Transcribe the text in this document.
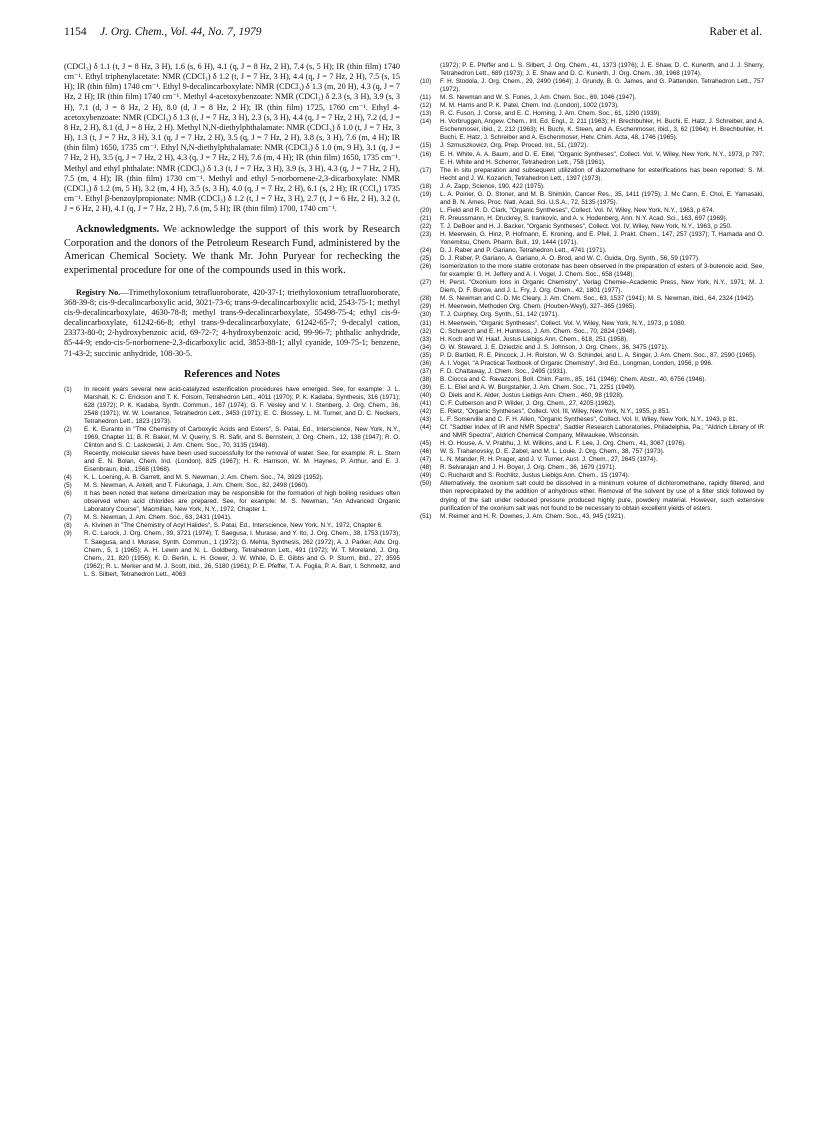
1154 J. Org. Chem., Vol. 44, No. 7, 1979	Raber et al.

(CDCl₃) δ 1.1 (t, J = 8 Hz, 3 H), 1.6 (s, 6 H), 4.1 (q, J = 8 Hz, 2 H), 7.4 (s, 5 H); IR (thin film) 1740 cm⁻¹. Ethyl triphenylacetate: NMR (CDCl₃) δ 1.2 (t, J = 7 Hz, 3 H), 4.4 (q, J = 7 Hz, 2 H), 7.5 (s, 15 H); IR (thin film) 1740 cm⁻¹. Ethyl 9-decalincarboxylate: NMR (CDCl₃) δ 1.3 (m, 20 H), 4.3 (q, J = 7 Hz, 2 H); IR (thin film) 1740 cm⁻¹. Methyl 4-acetoxybenzoate: NMR (CDCl₃) δ 2.3 (s, 3 H), 3.9 (s, 3 H), 7.1 (d, J = 8 Hz, 2 H), 8.0 (d, J = 8 Hz, 2 H); IR (thin film) 1725, 1760 cm⁻¹. Ethyl 4-acetoxybenzoate: NMR (CDCl₃) δ 1.3 (t, J = 7 Hz, 3 H), 2.3 (s, 3 H), 4.4 (q, J = 7 Hz, 2 H), 7.2 (d, J = 8 Hz, 2 H), 8.1 (d, J = 8 Hz, 2 H). Methyl N,N-diethylphthalamate: NMR (CDCl₃) δ 1.0 (t, J = 7 Hz, 3 H), 1.3 (t, J = 7 Hz, 3 H), 3.1 (q, J = 7 Hz, 2 H), 3.5 (q, J = 7 Hz, 2 H), 3.8 (s, 3 H), 7.6 (m, 4 H); IR (thin film) 1650, 1735 cm⁻¹. Ethyl N,N-diethylphthalamate: NMR (CDCl₃) δ 1.0 (m, 9 H), 3.1 (q, J = 7 Hz, 2 H), 3.5 (q, J = 7 Hz, 2 H), 4.3 (q, J = 7 Hz, 2 H), 7.6 (m, 4 H); IR (thin film) 1650, 1735 cm⁻¹. Methyl and ethyl phthalate: NMR (CDCl₃) δ 1.3 (t, J = 7 Hz, 3 H), 3.9 (s, 3 H), 4.3 (q, J = 7 Hz, 2 H), 7.5 (m, 4 H); IR (thin film) 1730 cm⁻¹. Methyl and ethyl 5-norbornene-2,3-dicarboxylate: NMR (CDCl₃) δ 1.2 (m, 5 H), 3.2 (m, 4 H), 3.5 (s, 3 H), 4.0 (q, J = 7 Hz, 2 H), 6.1 (s, 2 H); IR (CCl₄) 1735 cm⁻¹. Ethyl β-benzoylpropionate: NMR (CDCl₃) δ 1.2 (t, J = 7 Hz, 3 H), 2.7 (t, J = 6 Hz, 2 H), 3.2 (t, J = 6 Hz, 2 H), 4.1 (q, J = 7 Hz, 2 H), 7.6 (m, 5 H); IR (thin film) 1700, 1740 cm⁻¹.

Acknowledgments. We acknowledge the support of this work by Research Corporation and the donors of the Petroleum Research Fund, administered by the American Chemical Society. We thank Mr. John Puryear for rechecking the experimental procedure for one of the compounds used in this work.

Registry No.—Trimethyloxonium tetrafluoroborate, 420-37-1; triethyloxonium tetrafluoroborate, 368-39-8; cis-9-decalincarboxylic acid, 3021-73-6; trans-9-decalincarboxylic acid, 2543-75-1; methyl cis-9-decalincarboxylate, 4630-78-8; methyl trans-9-decalincarboxylate, 55498-75-4; ethyl cis-9-decalincarboxylate, 61242-66-8; ethyl trans-9-decalincarboxylate, 61242-65-7; 9-decalyl cation, 23373-80-0; 2-hydroxybenzoic acid, 69-72-7; 4-hydroxybenzoic acid, 99-96-7; phthalic anhydride, 85-44-9; endo-cis-5-norbornene-2,3-dicarboxylic acid, 3853-88-1; allyl cyanide, 109-75-1; benzene, 71-43-2; succinic anhydride, 108-30-5.

References and Notes
(1)	In recent years several new acid-catalyzed esterification procedures have emerged. See, for example: J. L. Marshall, K. C. Erickson and T. K. Folsom, Tetrahedron Lett., 4011 (1970); P. K. Kadaba, Synthesis, 316 (1971); 628 (1972); P. K. Kadaba, Synth. Commun., 167 (1974); G. F. Vesley and V. I. Stenberg, J. Org. Chem., 36, 2548 (1971); W. W. Lowrance, Tetrahedron Lett., 3453 (1971); E. C. Blossey, L. M. Turner, and D. C. Neckers, Tetrahedron Lett., 1823 (1973).
(2)	E. K. Euranto in "The Chemistry of Carboxylic Acids and Esters", S. Patai, Ed., Interscience, New York, N.Y., 1969, Chapter 11; B. R. Baker, M. V. Querry, S. R. Safir, and S. Bernstein, J. Org. Chem., 12, 138 (1947); R. O. Clinton and S. C. Laskowski, J. Am. Chem. Soc., 70, 3135 (1948).
(3)	Recently, molecular sieves have been used successfully for the removal of water. See, for example: R. L. Stern and E. N. Bolan, Chem. Ind. (London), 825 (1967); H. R. Harrison, W. M. Haynes, P. Arthur, and E. J. Eisenbraun, ibid., 1568 (1968).
(4)	K. L. Loening, A. B. Garrett, and M. S. Newman, J. Am. Chem. Soc., 74, 3929 (1952).
(5)	M. S. Newman, A. Arkell, and T. Fukunaga, J. Am. Chem. Soc., 82, 2498 (1960).
(6)	It has been noted that ketene dimerization may be responsible for the formation of high boiling residues often observed when acid chlorides are prepared. See, for example: M. S. Newman, "An Advanced Organic Laboratory Course", Macmillan, New York, N.Y., 1972, Chapter 1.
(7)	M. S. Newman, J. Am. Chem. Soc., 63, 2431 (1941).
(8)	A. Kivinen in "The Chemistry of Acyl Halides", S. Patai, Ed., Interscience, New York, N.Y., 1972, Chapter 6.
(9)	R. C. Larock, J. Org. Chem., 39, 3721 (1974); T. Saegusa, I. Murase, and Y. Ito, J. Org. Chem., 38, 1753 (1973); T. Saegusa, and I. Murase, Synth. Commun., 1 (1972); G. Mehta, Synthesis, 262 (1972); A. J. Parker, Adv. Org. Chem., 5, 1 (1965); A. H. Lewin and N. L. Goldberg, Tetrahedron Lett., 491 (1972); W. T. Moreland, J. Org. Chem., 21, 820 (1956); K. D. Berlin, L. H. Gower, J. W. White, D. E. Gibbs and G. P. Sturm, ibid., 27, 3595 (1962); R. L. Merker and M. J. Scott, ibid., 26, 5180 (1961); P. E. Pfeffer, T. A. Foglia, P. A. Barr, I. Schmeltz, and L. S. Silbert, Tetrahedron Lett., 4063
(1972); P. E. Pfeffer and L. S. Silbert, J. Org. Chem., 41, 1373 (1976); J. E. Shaw, D. C. Kunerth, and J. J. Sherry, Tetrahedron Lett., 689 (1973); J. E. Shaw and D. C. Kunerth, J. Org. Chem., 39, 1968 (1974).
(10)	F. H. Stodola, J. Org. Chem., 29, 2490 (1964); J. Grundy, B. G. James, and G. Pattenden, Tetrahedron Lett., 757 (1972).
(11)	M. S. Newman and W. S. Fones, J. Am. Chem. Soc., 69, 1046 (1947).
(12)	M. M. Harris and P. K. Patel, Chem. Ind. (London), 1002 (1973).
(13)	R. C. Fuson, J. Corse, and E. C. Horning, J. Am. Chem. Soc., 61, 1290 (1939).
(14)	H. Vorbruggen, Angew. Chem., Int. Ed. Engl., 2, 211 (1963); H. Brechbuhler, H. Buchi, E. Hatz, J. Schreiber, and A. Eschenmoser, ibid., 2, 212 (1963); H. Buchi, K. Steen, and A. Eschenmoser, ibid., 3, 62 (1964); H. Brechbuhler, H. Buchi, E. Hatz, J. Schreiber and A. Eschenmoser, Helv. Chim. Acta, 48, 1746 (1965).
(15)	J. Szmuszkovicz, Org. Prep. Proced. Int., 51, (1972).
(16)	E. H. White, A. A. Baum, and D. E. Eitel, "Organic Syntheses", Collect. Vol. V, Wiley, New York, N.Y., 1973, p 797; E. H. White and H. Scherrer, Tetrahedron Lett., 758 (1961).
(17)	The in situ preparation and subsequent utilization of diazomethane for esterifications has been reported: S. M. Hecht and J. W. Kozarich, Tetrahedron Lett., 1397 (1973).
(18)	J. A. Zapp, Science, 190, 422 (1975).
(19)	L. A. Poirier, G. D. Stoner, and M. B. Shimkin, Cancer Res., 35, 1411 (1975); J. Mc Cann, E. Choi, E. Yamasaki, and B. N. Ames, Proc. Natl. Acad. Sci. U.S.A., 72, 5135 (1975).
(20)	L. Field and R. D. Clark, "Organic Syntheses", Collect. Vol. IV, Wiley, New York, N.Y., 1963, p 674.
(21)	R. Preussmann, H. Druckrey, S. Irankovic, and A. v. Hodenberg, Ann. N.Y. Acad. Sci., 163, 697 (1969).
(22)	T. J. DeBoer and H. J. Backer, "Organic Syntheses", Collect. Vol. IV, Wiley, New York, N.Y., 1963, p 250.
(23)	H. Meerwein, G. Hinz, P. Hofmann, E. Kroning, and E. Pfeil, J. Prakt. Chem., 147, 257 (1937); T. Hamada and O. Yonemitsu, Chem. Pharm. Bull., 19, 1444 (1971).
(24)	D. J. Raber and P. Gariano, Tetrahedron Lett., 4741 (1971).
(25)	D. J. Raber, P. Gariano, A. Gariano, A. O. Brod, and W. C. Guida, Org. Synth., 56, 59 (1977).
(26)	Isomerization to the more stable crotonate has been observed in the preparation of esters of 3-butenoic acid. See, for example: G. H. Jeffery and A. I. Vogel, J. Chem. Soc., 658 (1948).
(27)	H. Perst, "Oxonium Ions in Organic Chemistry", Verlag Chemie–Academic Press, New York, N.Y., 1971; M. J. Diem, D. F. Burow, and J. L. Fry, J. Org. Chem., 42, 1801 (1977).
(28)	M. S. Newman and C. D. Mc Cleary, J. Am. Chem. Soc., 63, 1537 (1941); M. S. Newman, ibid., 64, 2324 (1942).
(29)	H. Meerwein, Methoden Org. Chem. (Houben-Weyl), 327–365 (1965).
(30)	T. J. Curphey, Org. Synth., 51, 142 (1971).
(31)	H. Meerwein, "Organic Syntheses", Collect. Vol. V, Wiley, New York, N.Y., 1973, p 1080.
(32)	C. Schuerch and E. H. Huntress, J. Am. Chem. Soc., 70, 2824 (1948).
(33)	H. Koch and W. Haaf, Justus Liebigs Ann. Chem., 618, 251 (1958).
(34)	O. W. Steward, J. E. Dziedzic and J. S. Johnson, J. Org. Chem., 36, 3475 (1971).
(35)	P. D. Bartlett, R. E. Pincock, J. H. Rolston, W. G. Schindel, and L. A. Singer, J. Am. Chem. Soc., 87, 2590 (1965).
(36)	A. I. Vogel, "A Practical Textbook of Organic Chemistry", 3rd Ed., Longman, London, 1956, p 996.
(37)	F. D. Chattaway, J. Chem. Soc., 2495 (1931).
(38)	B. Ciocca and C. Ravazzoni, Boll. Chim. Farm., 85, 161 (1946); Chem. Abstr., 40, 6756 (1946).
(39)	E. L. Eliel and A. W. Burgstahler, J. Am. Chem. Soc., 71, 2251 (1949).
(40)	O. Diels and K. Alder, Justus Liebigs Ann. Chem., 460, 98 (1928).
(41)	C. F. Culberson and P. Wilder, J. Org. Chem., 27, 4205 (1962).
(42)	E. Rietz, "Organic Syntheses", Collect. Vol. III, Wiley, New York, N.Y., 1955, p 851.
(43)	L. F. Somerville and C. F. H. Allen, "Organic Syntheses", Collect. Vol. II, Wiley, New York, N.Y., 1943, p 81.
(44)	Cf. "Sadtler Index of IR and NMR Spectra", Sadtler Research Laboratories, Philadelphia, Pa.; "Aldrich Library of IR and NMR Spectra", Aldrich Chemical Company, Milwaukee, Wisconsin.
(45)	H. O. House, A. V. Prabhu, J. M. Wilkins, and L. F. Lee, J. Org. Chem., 41, 3067 (1976).
(46)	W. S. Trahanovsky, D. E. Zabel, and M. L. Louie, J. Org. Chem., 38, 757 (1973).
(47)	L. N. Mander, R. H. Prager, and J. V. Turner, Aust. J. Chem., 27, 2645 (1974).
(48)	R. Selvarajan and J. H. Boyer, J. Org. Chem., 36, 1679 (1971).
(49)	C. Ruchardt and S. Rochlitz, Justus Liebigs Ann. Chem., 15 (1974).
(50)	Alternatively, the oxonium salt could be dissolved in a minimum volume of dichloromethane, rapidly filtered, and then reprecipitated by the addition of anhydrous ether. Removal of the solvent by use of a filter stick followed by drying of the salt under reduced pressure produced highly pure, powdery material. However, such extensive purification of the oxonium salt was not found to be necessary to obtain excellent yields of esters.
(51)	M. Reimer and H. R. Downes, J. Am. Chem. Soc., 43, 945 (1921).
